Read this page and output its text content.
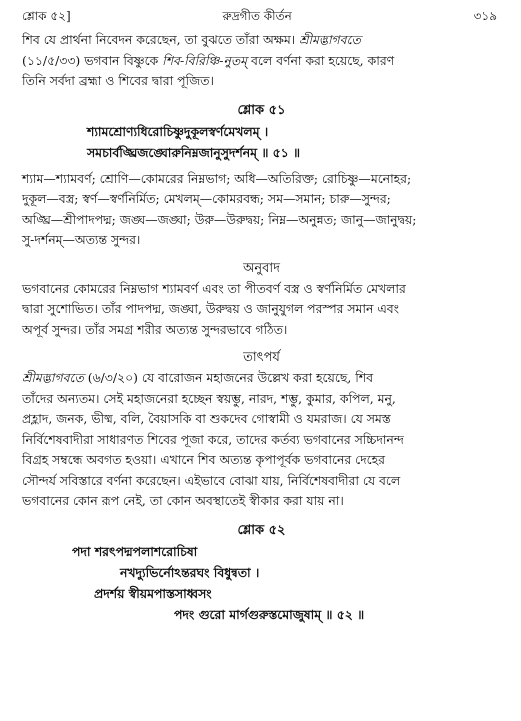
শ্লোক ৫২]	রুদ্রগীত কীর্তন	৩১৯

শিব যে প্রার্থনা নিবেদন করেছেন, তা বুঝতে তাঁরা অক্ষম। শ্রীমদ্ভাগবতে

(১১/৫/৩৩) ভগবান বিষ্ণুকে শিব-বিরিঞ্চি-নুতম্ বলে বর্ণনা করা হয়েছে, কারণ

তিনি সর্বদা ব্রহ্মা ও শিবের দ্বারা পূজিত।

শ্লোক ৫১
শ্যামশ্রোণ্যধিরোচিষ্ণুদুকূলস্বর্ণমেখলম্ ।
সমচার্বঙ্ঘ্রিজঙ্ঘোরুনিম্নজানুসুদর্শনম্ ॥ ৫১ ॥

শ্যাম—শ্যামবর্ণ; শ্রোণি—কোমরের নিম্নভাগ; অধি—অতিরিক্ত; রোচিষ্ণু—মনোহর;

দুকূল—বস্ত্র; স্বর্ণ—স্বর্ণনির্মিত; মেখলম্—কোমরবন্ধ; সম—সমান; চারু—সুন্দর;

অঙ্ঘ্রি—শ্রীপাদপদ্ম; জঙ্ঘ—জঙ্ঘা; উরু—উরুদ্বয়; নিম্ন—অনুন্নত; জানু—জানুদ্বয়;

সু-দর্শনম্—অত্যন্ত সুন্দর।

অনুবাদ

ভগবানের কোমরের নিম্নভাগ শ্যামবর্ণ এবং তা পীতবর্ণ বস্ত্র ও স্বর্ণনির্মিত মেখলার

দ্বারা সুশোভিত। তাঁর পাদপদ্ম, জঙ্ঘা, উরুদ্বয় ও জানুযুগল পরস্পর সমান এবং

অপূর্ব সুন্দর। তাঁর সমগ্র শরীর অত্যন্ত সুন্দরভাবে গঠিত।

তাৎপর্য

শ্রীমদ্ভাগবতে (৬/৩/২০) যে বারোজন মহাজনের উল্লেখ করা হয়েছে, শিব

তাঁদের অন্যতম। সেই মহাজনেরা হচ্ছেন স্বয়ম্ভু, নারদ, শম্ভু, কুমার, কপিল, মনু,

প্রহ্লাদ, জনক, ভীষ্ম, বলি, বৈয়াসকি বা শুকদেব গোস্বামী ও যমরাজ। যে সমস্ত

নির্বিশেষবাদীরা সাধারণত শিবের পূজা করে, তাদের কর্তব্য ভগবানের সচ্চিদানন্দ

বিগ্রহ সম্বন্ধে অবগত হওয়া। এখানে শিব অত্যন্ত কৃপাপূর্বক ভগবানের দেহের

সৌন্দর্য সবিস্তারে বর্ণনা করেছেন। এইভাবে বোঝা যায়, নির্বিশেষবাদীরা যে বলে

ভগবানের কোন রূপ নেই, তা কোন অবস্থাতেই স্বীকার করা যায় না।

শ্লোক ৫২
পদা শরৎপদ্মপলাশরোচিষা
নখদ্যুভির্নোঽন্তরঘং বিধুন্বতা ।
প্রদর্শয় স্বীয়মপাস্তসাধ্বসং
পদং গুরো মার্গগুরুস্তমোজুষাম্ ॥ ৫২ ॥
